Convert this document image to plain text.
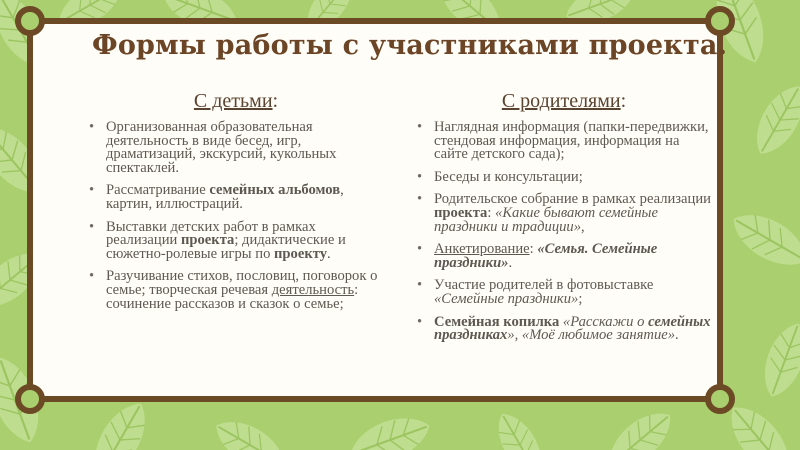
Формы работы с участниками проекта.
С детьми:
• Организованная образовательная деятельность в виде бесед, игр, драматизаций, экскурсий, кукольных спектаклей.
• Рассматривание семейных альбомов, картин, иллюстраций.
• Выставки детских работ в рамках реализации проекта; дидактические и сюжетно-ролевые игры по проекту.
• Разучивание стихов, пословиц, поговорок о семье; творческая речевая деятельность: сочинение рассказов и сказок о семье;
С родителями:
• Наглядная информация (папки-передвижки, стендовая информация, информация на сайте детского сада);
• Беседы и консультации;
• Родительское собрание в рамках реализации проекта: «Какие бывают семейные праздники и традиции»,
• Анкетирование: «Семья. Семейные праздники».
• Участие родителей в фотовыставке «Семейные праздники»;
• Семейная копилка «Расскажи о семейных праздниках», «Моё любимое занятие».
